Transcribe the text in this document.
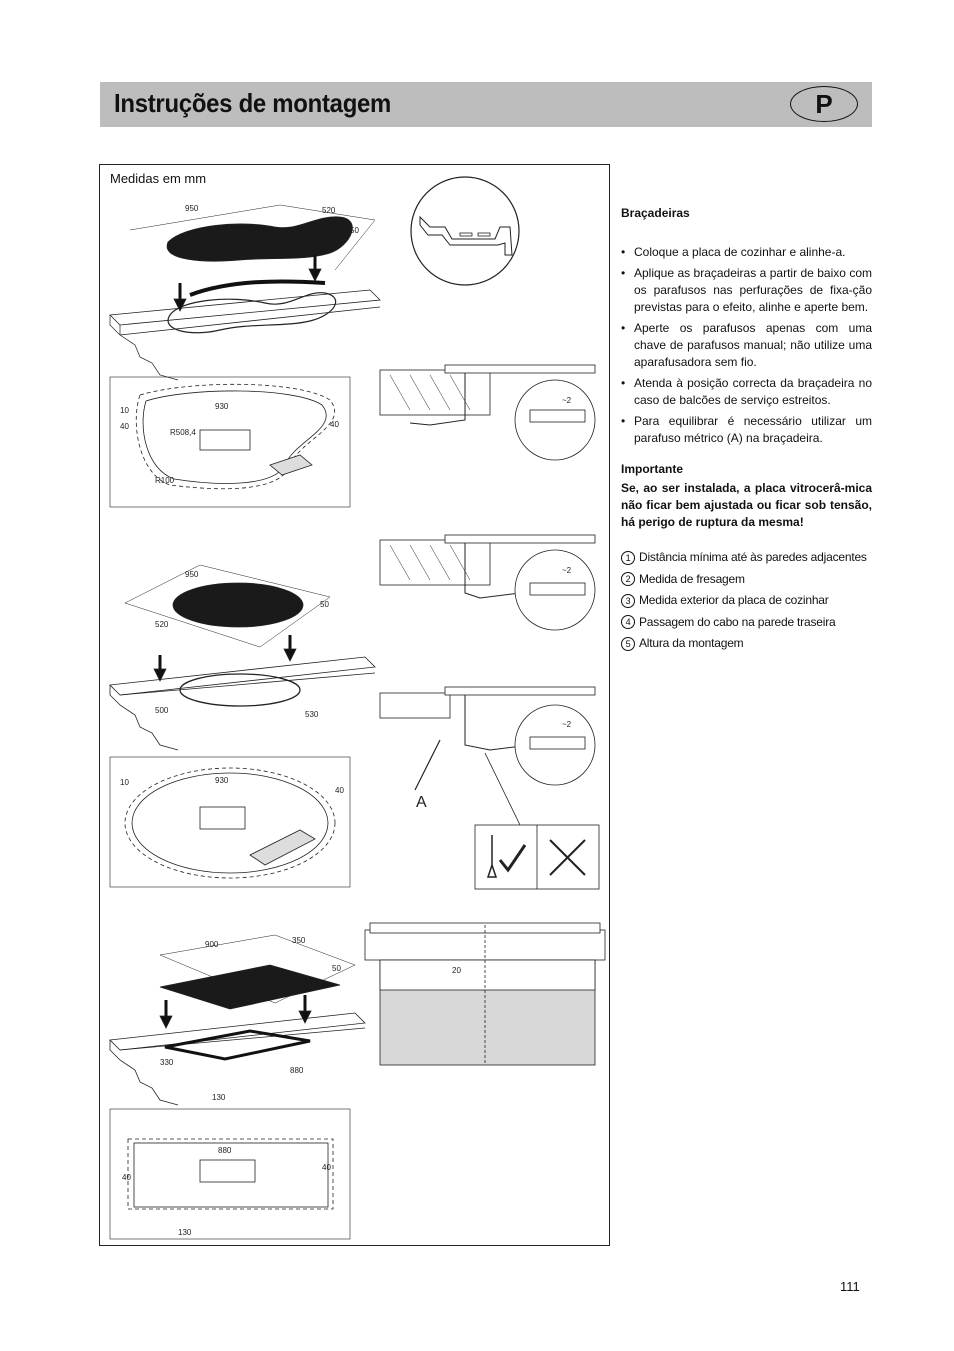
Instruções de montagem	P
Medidas em mm
950	520
50
930
10
40	40
R508,4
R100
950
520
50
500	530
930
10
40
900	350
50
330
880
130
880
40
40
130
~2
~2
~2
A
20
Braçadeiras
• Coloque a placa de cozinhar e alinhe-a.
• Aplique as braçadeiras a partir de baixo com os parafusos nas perfurações de fixa-ção previstas para o efeito, alinhe e aperte bem.
• Aperte os parafusos apenas com uma chave de parafusos manual; não utilize uma aparafusadora sem fio.
• Atenda à posição correcta da braçadeira no caso de balcões de serviço estreitos.
• Para equilibrar é necessário utilizar um parafuso métrico (A) na braçadeira.
Importante
Se, ao ser instalada, a placa vitrocerâ-mica não ficar bem ajustada ou ficar sob tensão, há perigo de ruptura da mesma!
1 Distância mínima até às paredes adjacentes
2 Medida de fresagem
3 Medida exterior da placa de cozinhar
4 Passagem do cabo na parede traseira
5 Altura da montagem
111
